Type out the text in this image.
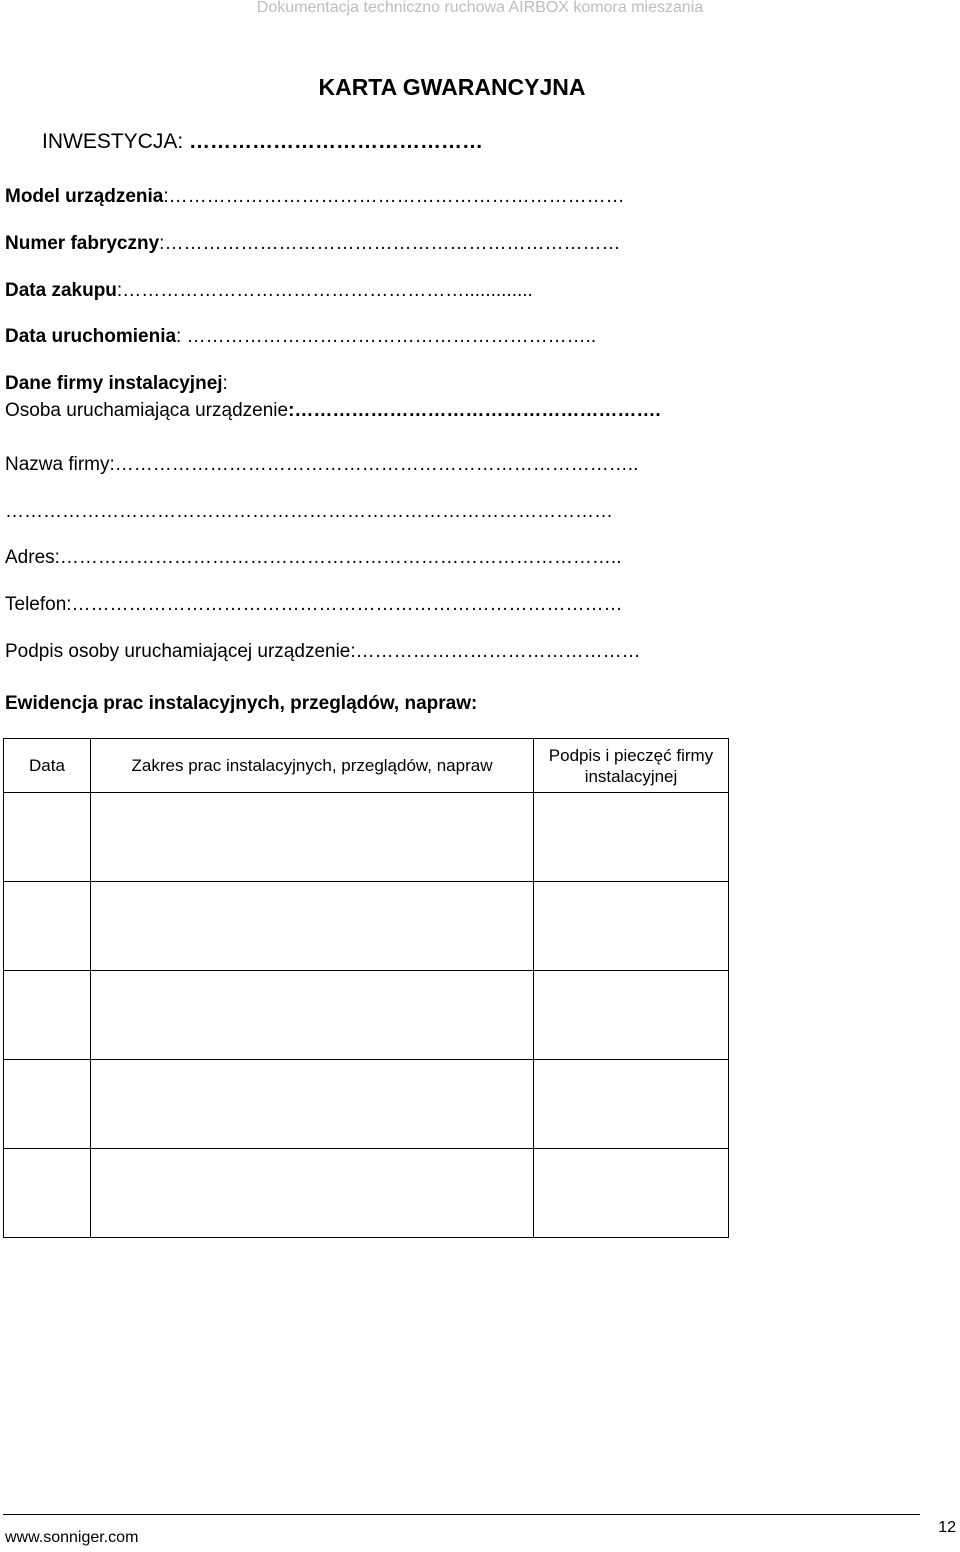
Dokumentacja techniczno ruchowa AIRBOX komora mieszania
KARTA GWARANCYJNA
INWESTYCJA: ……………………………………
Model urządzenia:………………………………………………………………
Numer fabryczny:………………………………………………………………
Data zakupu:……………………………………………….............
Data uruchomienia: ………………………………………………………..
Dane firmy instalacyjnej:
Osoba uruchamiająca urządzenie:………………………………………………….
Nazwa firmy:………………………………………………………………………..
……………………………………………………………………………………
Adres:……………………………………………………………………………..
Telefon:……………………………………………………………………………
Podpis osoby uruchamiającej urządzenie:………………………………………
Ewidencja prac instalacyjnych, przeglądów, napraw:
Data	Zakres prac instalacyjnych, przeglądów, napraw	Podpis i pieczęć firmy instalacyjnej

www.sonniger.com
12
